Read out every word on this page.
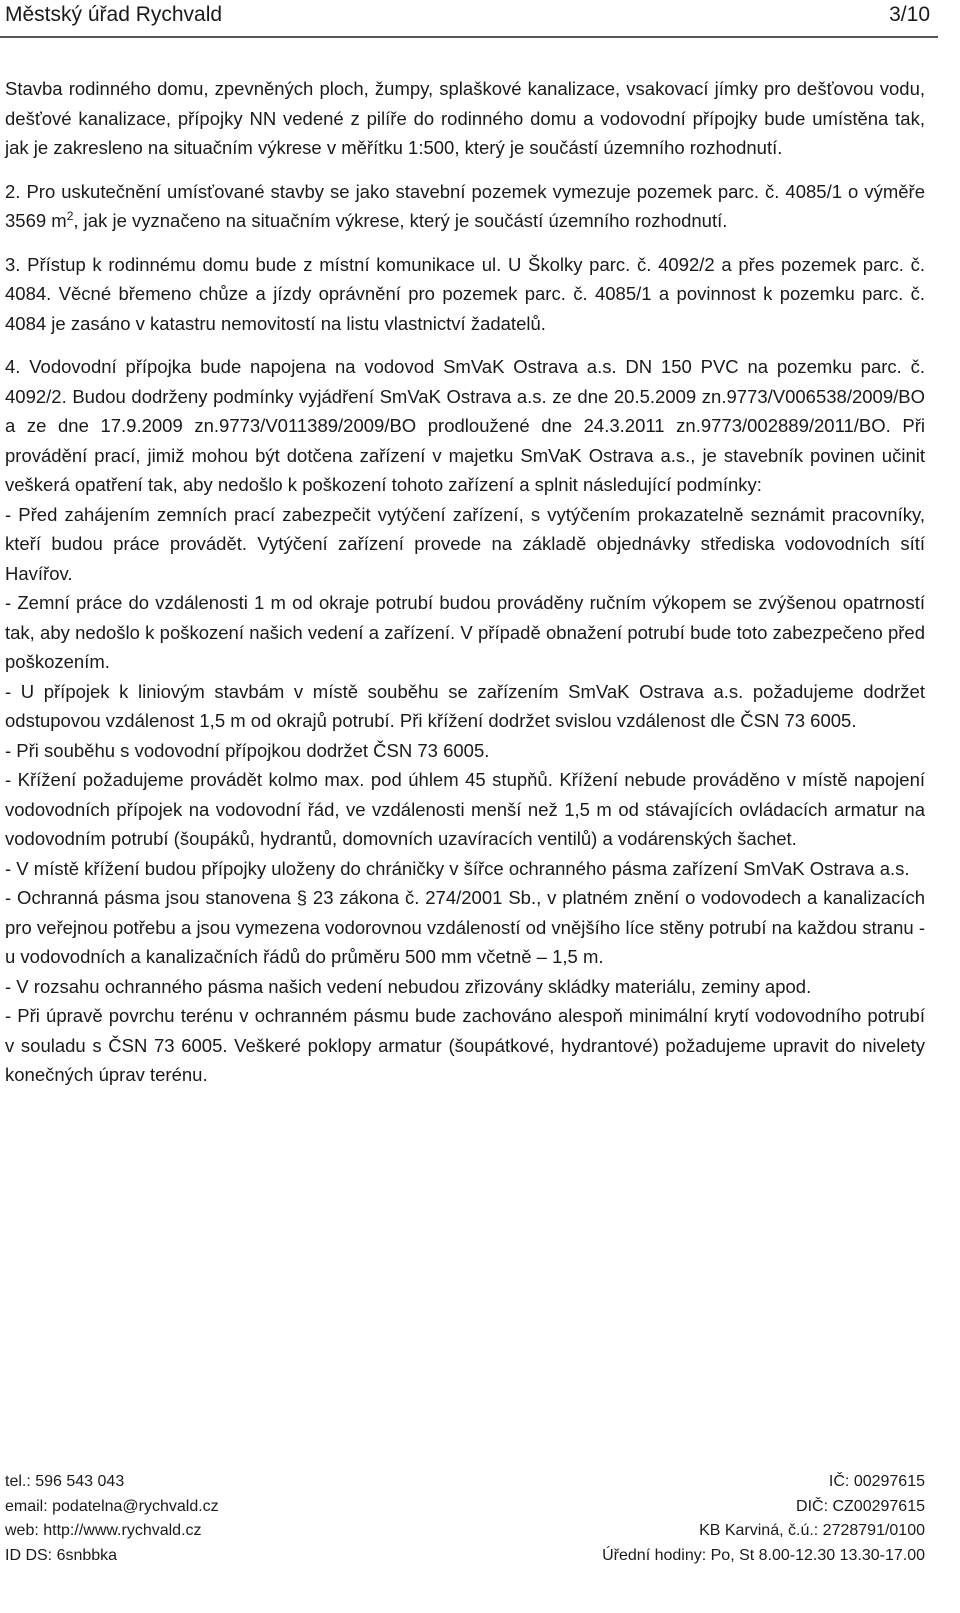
Městský úřad Rychvald	3/10

Stavba rodinného domu, zpevněných ploch, žumpy, splaškové kanalizace, vsakovací jímky pro dešťovou vodu, dešťové kanalizace, přípojky NN vedené z pilíře do rodinného domu a vodovodní přípojky bude umístěna tak, jak je zakresleno na situačním výkrese v měřítku 1:500, který je součástí územního rozhodnutí.

2. Pro uskutečnění umísťované stavby se jako stavební pozemek vymezuje pozemek parc. č. 4085/1 o výměře 3569 $m^2$, jak je vyznačeno na situačním výkrese, který je součástí územního rozhodnutí.

3. Přístup k rodinnému domu bude z místní komunikace ul. U Školky parc. č. 4092/2 a přes pozemek parc. č. 4084. Věcné břemeno chůze a jízdy oprávnění pro pozemek parc. č. 4085/1 a povinnost k pozemku parc. č. 4084 je zasáno v katastru nemovitostí na listu vlastnictví žadatelů.

4. Vodovodní přípojka bude napojena na vodovod SmVaK Ostrava a.s. DN 150 PVC na pozemku parc. č. 4092/2. Budou dodrženy podmínky vyjádření SmVaK Ostrava a.s. ze dne 20.5.2009 zn.9773/V006538/2009/BO a ze dne 17.9.2009 zn.9773/V011389/2009/BO prodloužené dne 24.3.2011 zn.9773/002889/2011/BO. Při provádění prací, jimiž mohou být dotčena zařízení v majetku SmVaK Ostrava a.s., je stavebník povinen učinit veškerá opatření tak, aby nedošlo k poškození tohoto zařízení a splnit následující podmínky:

- Před zahájením zemních prací zabezpečit vytýčení zařízení, s vytýčením prokazatelně seznámit pracovníky, kteří budou práce provádět. Vytýčení zařízení provede na základě objednávky střediska vodovodních sítí Havířov.

- Zemní práce do vzdálenosti 1 m od okraje potrubí budou prováděny ručním výkopem se zvýšenou opatrností tak, aby nedošlo k poškození našich vedení a zařízení. V případě obnažení potrubí bude toto zabezpečeno před poškozením.

- U přípojek k liniovým stavbám v místě souběhu se zařízením SmVaK Ostrava a.s. požadujeme dodržet odstupovou vzdálenost 1,5 m od okrajů potrubí. Při křížení dodržet svislou vzdálenost dle ČSN 73 6005.

- Při souběhu s vodovodní přípojkou dodržet ČSN 73 6005.

- Křížení požadujeme provádět kolmo max. pod úhlem 45 stupňů. Křížení nebude prováděno v místě napojení vodovodních přípojek na vodovodní řád, ve vzdálenosti menší než 1,5 m od stávajících ovládacích armatur na vodovodním potrubí (šoupáků, hydrantů, domovních uzavíracích ventilů) a vodárenských šachet.

- V místě křížení budou přípojky uloženy do chráničky v šířce ochranného pásma zařízení SmVaK Ostrava a.s.

- Ochranná pásma jsou stanovena § 23 zákona č. 274/2001 Sb., v platném znění o vodovodech a kanalizacích pro veřejnou potřebu a jsou vymezena vodorovnou vzdáleností od vnějšího líce stěny potrubí na každou stranu - u vodovodních a kanalizačních řádů do průměru 500 mm včetně – 1,5 m.

- V rozsahu ochranného pásma našich vedení nebudou zřizovány skládky materiálu, zeminy apod.

- Při úpravě povrchu terénu v ochranném pásmu bude zachováno alespoň minimální krytí vodovodního potrubí v souladu s ČSN 73 6005. Veškeré poklopy armatur (šoupátkové, hydrantové) požadujeme upravit do nivelety konečných úprav terénu.

tel.: 596 543 043	IČ: 00297615
email: podatelna@rychvald.cz	DIČ: CZ00297615
web: http://www.rychvald.cz	KB Karviná, č.ú.: 2728791/0100
ID DS: 6snbbka	Úřední hodiny: Po, St 8.00-12.30 13.30-17.00
